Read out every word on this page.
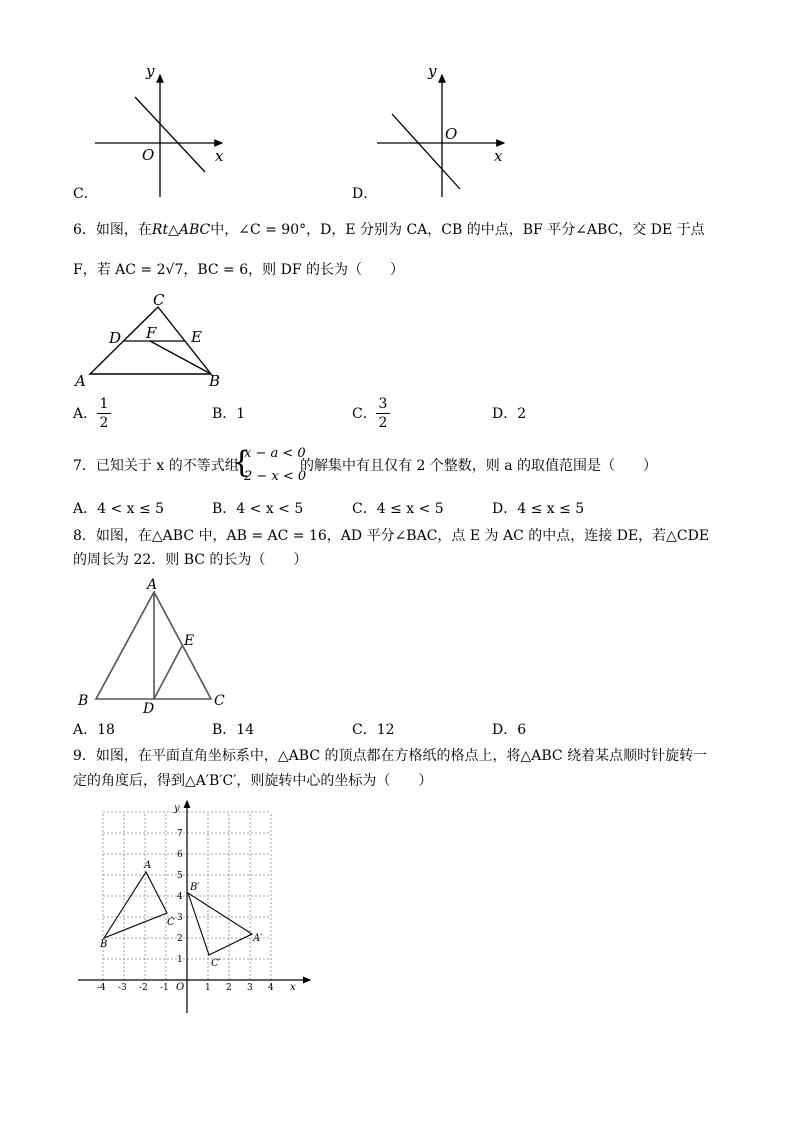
y
x
O
C．
y
x
O
D．
6．如图，在Rt△ABC中，∠C = 90°，D，E 分别为 CA，CB 的中点，BF 平分∠ABC，交 DE 于点
F，若 AC = 2√7，BC = 6，则 DF 的长为（　　）
C
D F E
A	B
A．
1
2
B．1	C．
3
2
D．2
7．已知关于 x 的不等式组
{
x − a < 0
2 − x < 0
的解集中有且仅有 2 个整数，则 a 的取值范围是（　　）
A．4 < x ≤ 5	B．4 < x < 5	C．4 ≤ x < 5	D．4 ≤ x ≤ 5
8．如图，在△ABC 中，AB = AC = 16，AD 平分∠BAC，点 E 为 AC 的中点，连接 DE，若△CDE
的周长为 22．则 BC 的长为（　　）
A
B	C
D
E
A．18	B．14	C．12	D．6
9．如图，在平面直角坐标系中，△ABC 的顶点都在方格纸的格点上，将△ABC 绕着某点顺时针旋转一
定的角度后，得到△A′B′C′，则旋转中心的坐标为（　　）
-4 -3 -2 -1	1 2 3 4
1
2
3
4
5
6
7
B
A
C
B′
C′
A′
x
y
O
